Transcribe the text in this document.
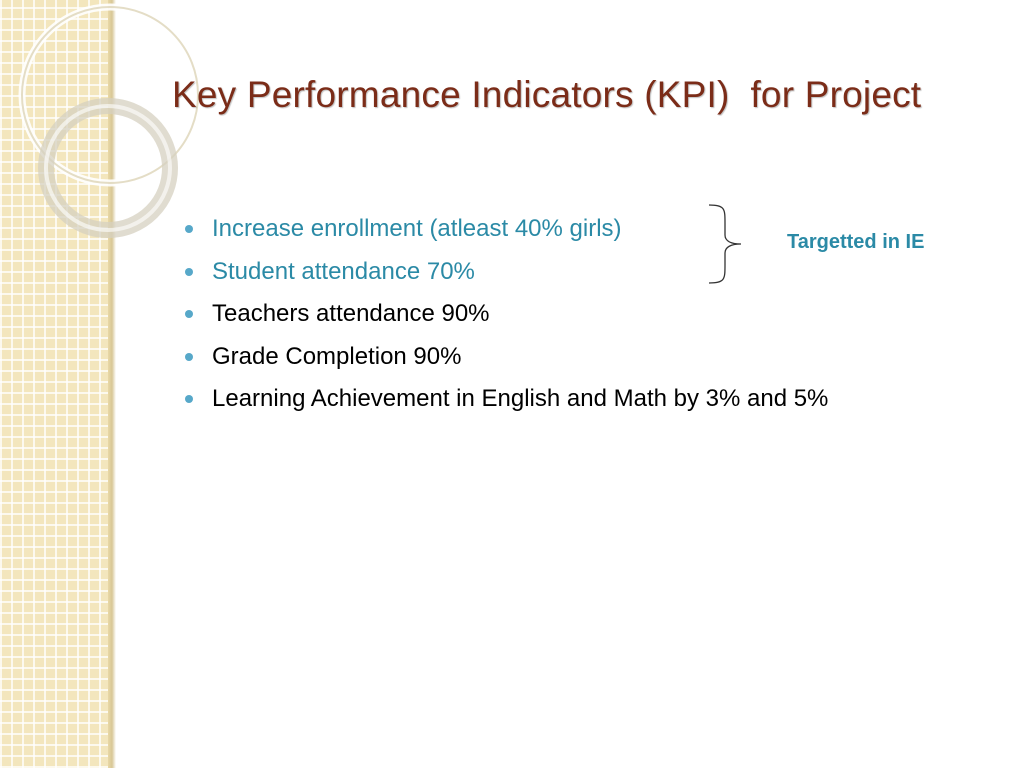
Key Performance Indicators (KPI)  for Project
Increase enrollment (atleast 40% girls)
Student attendance 70%
Teachers attendance 90%
Grade Completion 90%
Learning Achievement in English and Math by 3% and 5%
Targetted in IE
